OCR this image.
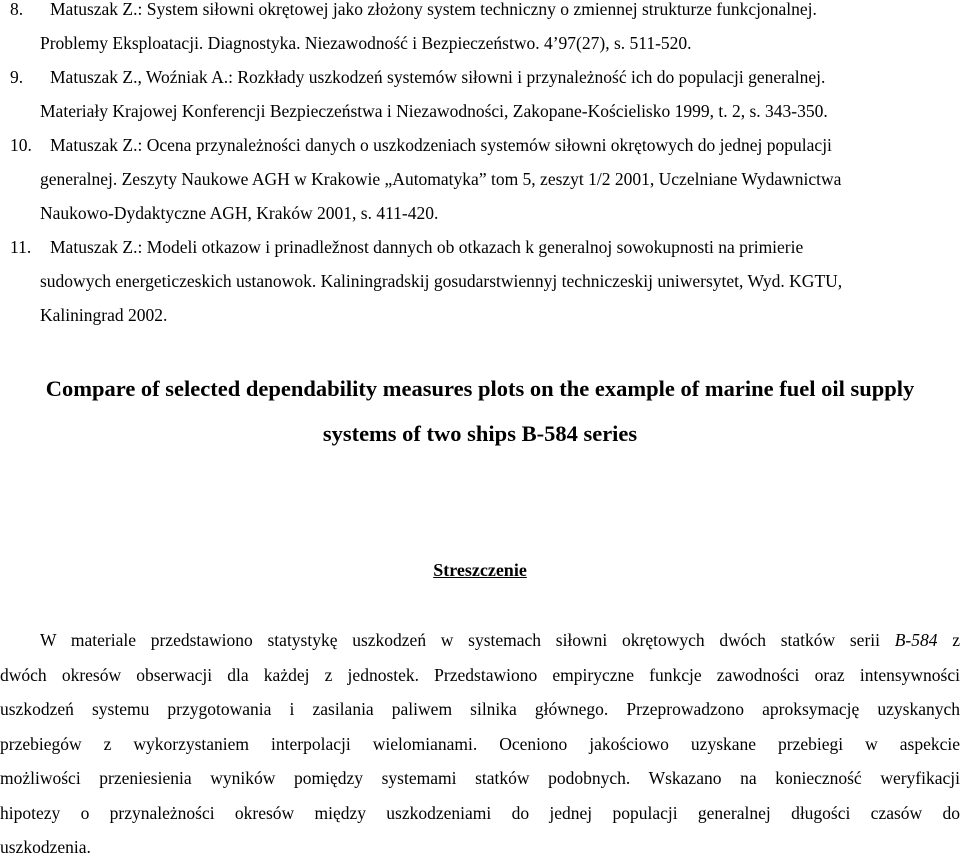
8. Matuszak Z.: System siłowni okrętowej jako złożony system techniczny o zmiennej strukturze funkcjonalnej.
Problemy Eksploatacji. Diagnostyka. Niezawodność i Bezpieczeństwo. 4’97(27), s. 511-520.
9. Matuszak Z., Woźniak A.: Rozkłady uszkodzeń systemów siłowni i przynależność ich do populacji generalnej.
Materiały Krajowej Konferencji Bezpieczeństwa i Niezawodności, Zakopane-Kościelisko 1999, t. 2, s. 343-350.
10. Matuszak Z.: Ocena przynależności danych o uszkodzeniach systemów siłowni okrętowych do jednej populacji
generalnej. Zeszyty Naukowe AGH w Krakowie „Automatyka” tom 5, zeszyt 1/2 2001, Uczelniane Wydawnictwa
Naukowo-Dydaktyczne AGH, Kraków 2001, s. 411-420.
11. Matuszak Z.: Modeli otkazow i prinadležnost dannych ob otkazach k generalnoj sowokupnosti na primierie
sudowych energeticzeskich ustanowok. Kaliningradskij gosudarstwiennyj techniczeskij uniwersytet, Wyd. KGTU,
Kaliningrad 2002.
Compare of selected dependability measures plots on the example of marine fuel oil supply
systems of two ships B-584 series
Streszczenie
W materiale przedstawiono statystykę uszkodzeń w systemach siłowni okrętowych dwóch statków serii B-584 z
dwóch okresów obserwacji dla każdej z jednostek. Przedstawiono empiryczne funkcje zawodności oraz intensywności
uszkodzeń systemu przygotowania i zasilania paliwem silnika głównego. Przeprowadzono aproksymację uzyskanych
przebiegów z wykorzystaniem interpolacji wielomianami. Oceniono jakościowo uzyskane przebiegi w aspekcie
możliwości przeniesienia wyników pomiędzy systemami statków podobnych. Wskazano na konieczność weryfikacji
hipotezy o przynależności okresów między uszkodzeniami do jednej populacji generalnej długości czasów do
uszkodzenia.
